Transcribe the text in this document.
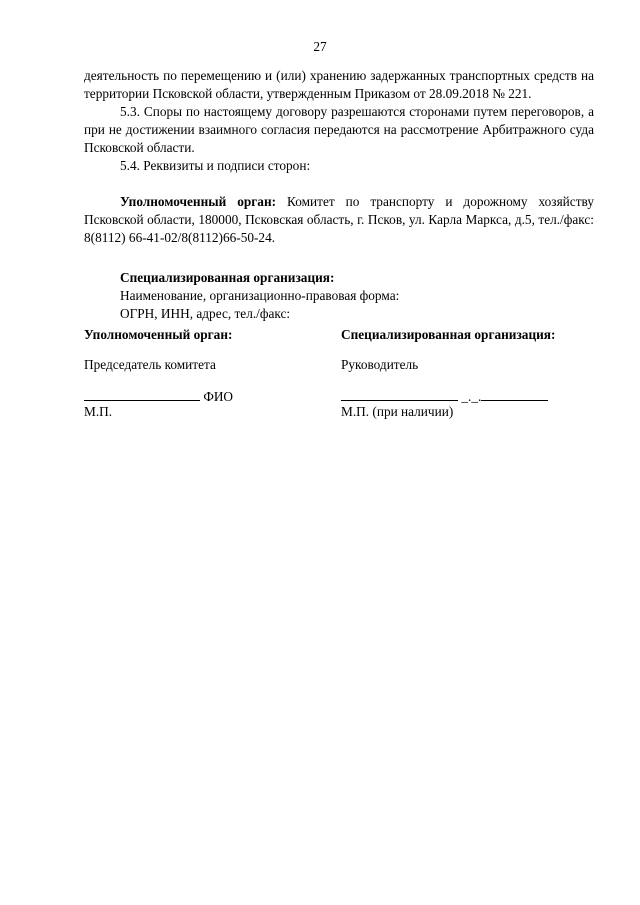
27

деятельность по перемещению и (или) хранению задержанных транспортных средств на территории Псковской области, утвержденным Приказом от 28.09.2018 № 221.

5.3. Споры по настоящему договору разрешаются сторонами путем переговоров, а при не достижении взаимного согласия передаются на рассмотрение Арбитражного суда Псковской области.

5.4. Реквизиты и подписи сторон:

Уполномоченный орган: Комитет по транспорту и дорожному хозяйству Псковской области, 180000, Псковская область, г. Псков, ул. Карла Маркса, д.5, тел./факс: 8(8112) 66-41-02/8(8112)66-50-24.
Специализированная организация:
Наименование, организационно-правовая форма:
ОГРН, ИНН, адрес, тел./факс:
Уполномоченный орган:	Специализированная организация:
Председатель комитета	Руководитель
ФИО	_._.
М.П.	М.П. (при наличии)
